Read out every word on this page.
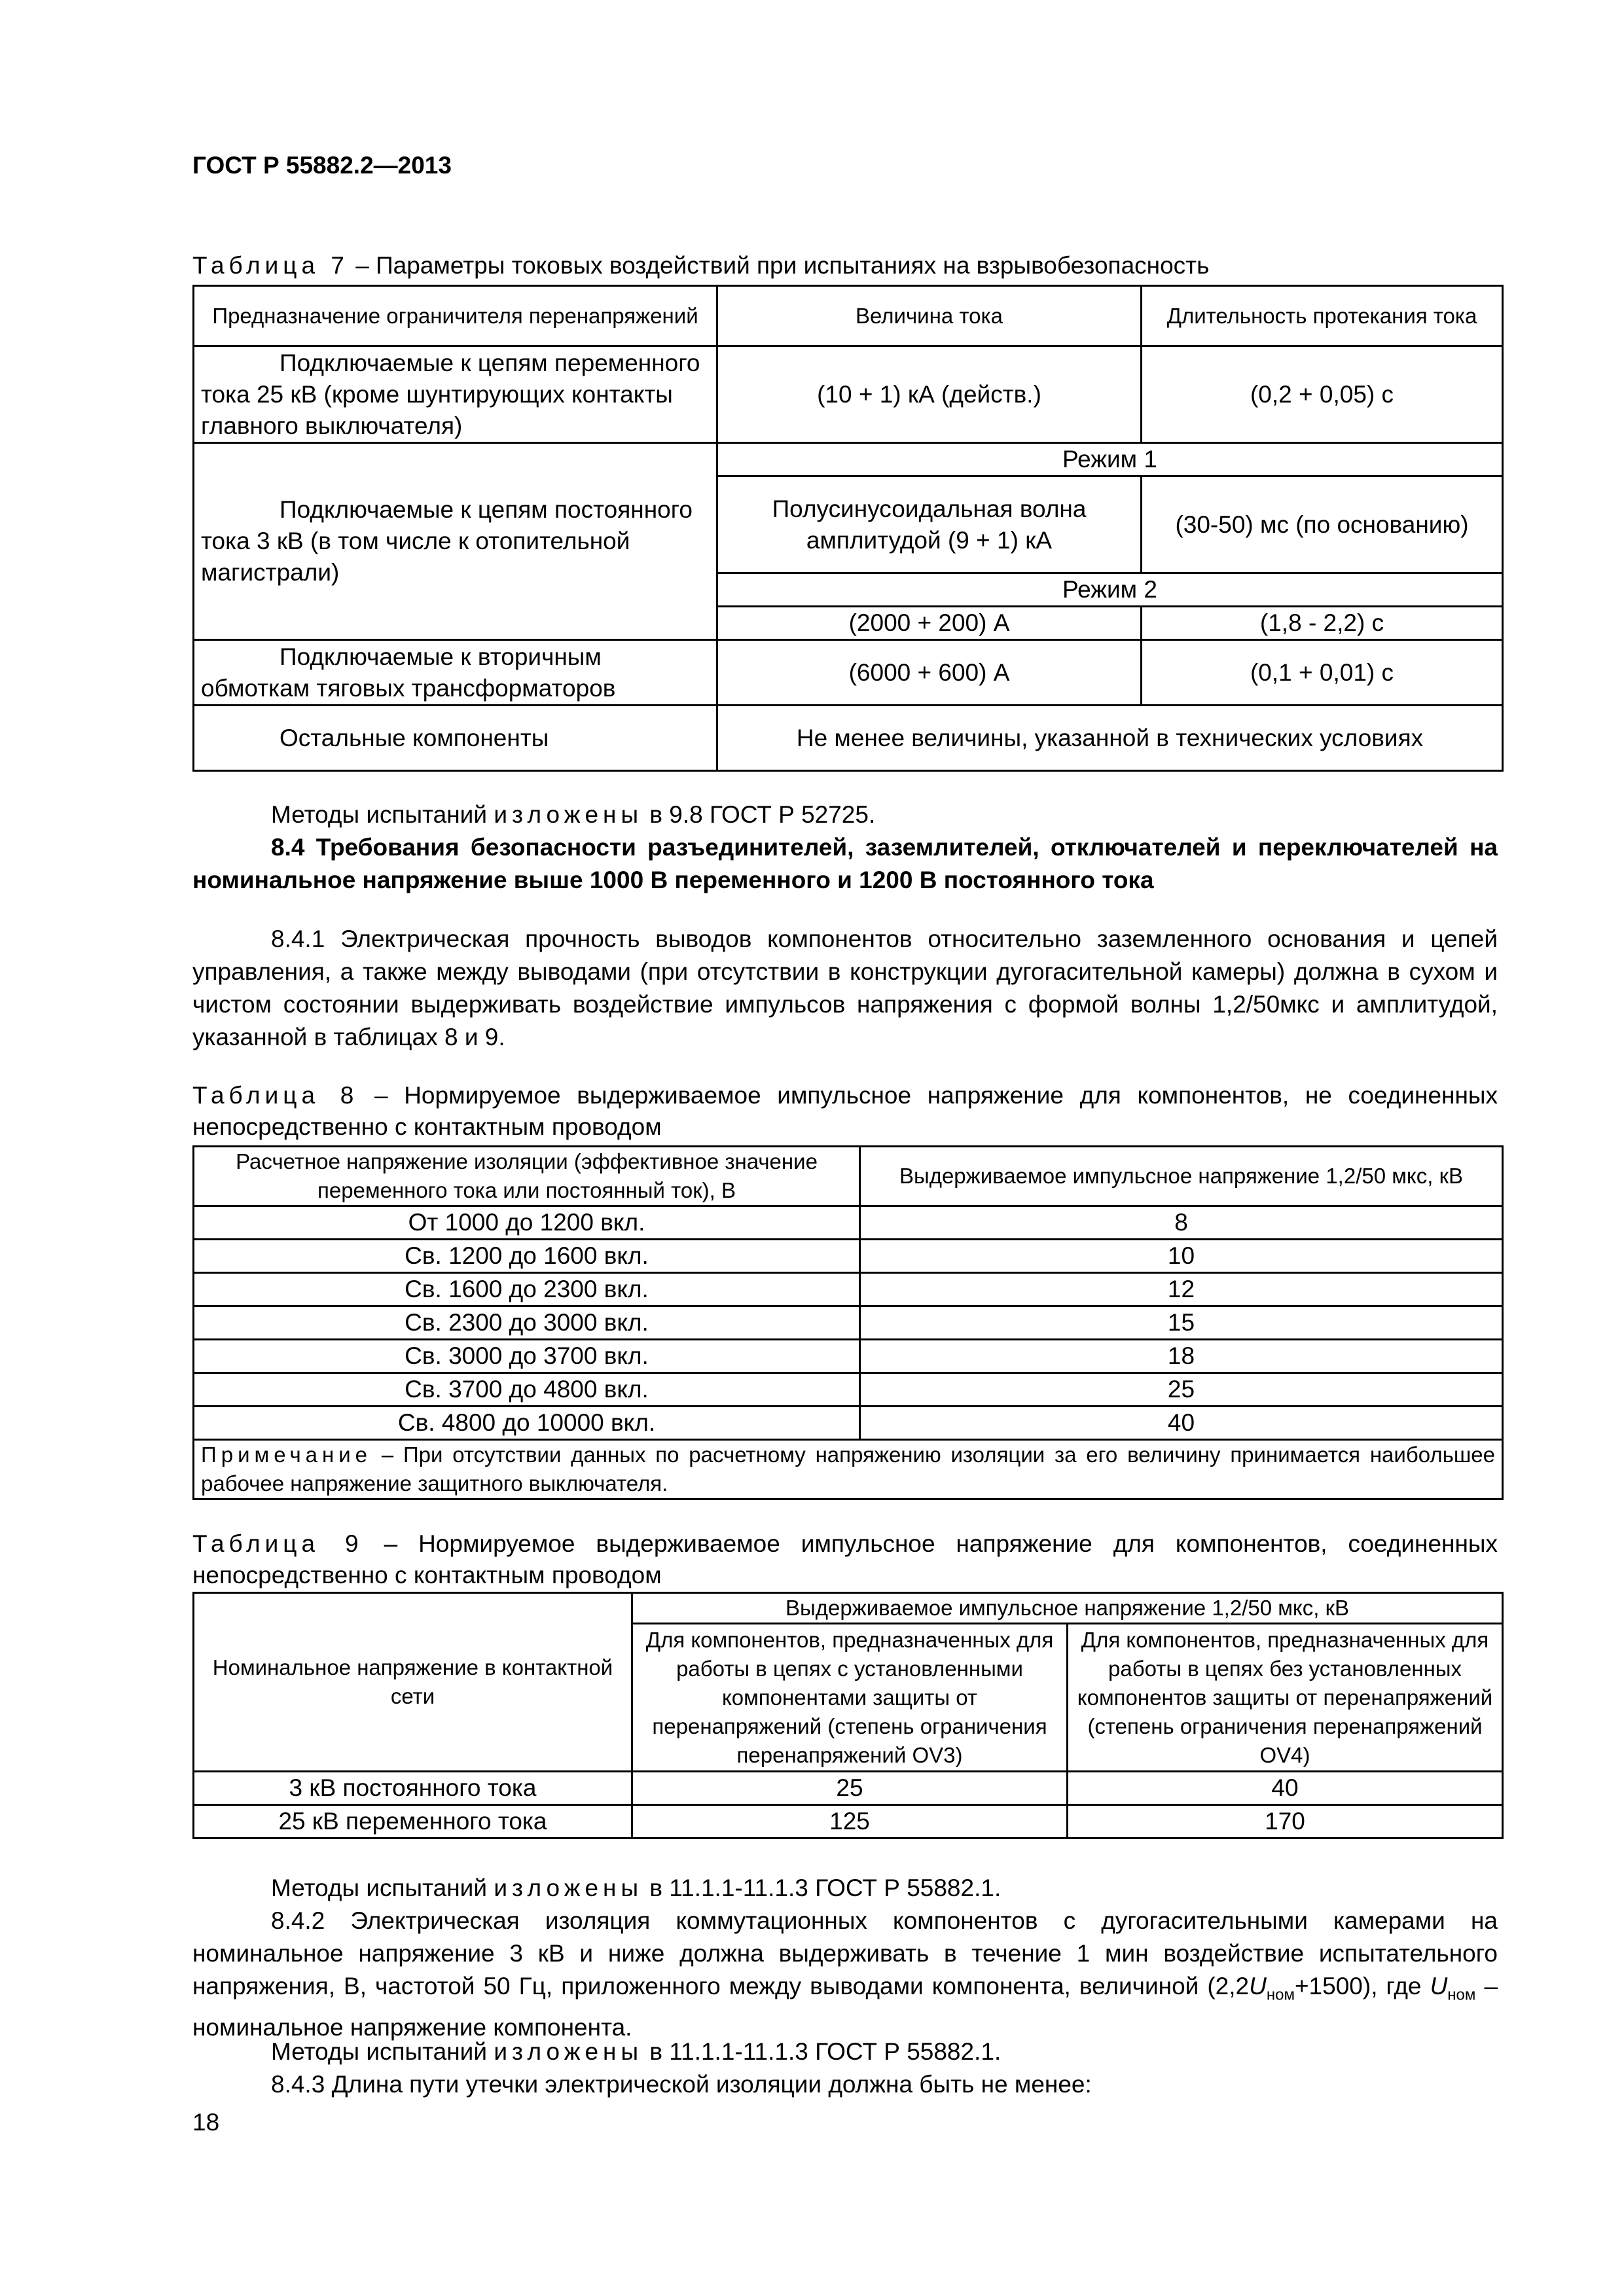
ГОСТ Р 55882.2—2013
Таблица 7 – Параметры токовых воздействий при испытаниях на взрывобезопасность
Предназначение ограничителя перенапряжений	Величина тока	Длительность протекания тока
Подключаемые к цепям переменного тока 25 кВ (кроме шунтирующих контакты главного выключателя)	(10 + 1) кА (действ.)	(0,2 + 0,05) с
Подключаемые к цепям постоянного тока 3 кВ (в том числе к отопительной магистрали)	Режим 1	
	Полусинусоидальная волна амплитудой (9 + 1) кА	(30-50) мс (по основанию)
	Режим 2	
	(2000 + 200) А	(1,8 - 2,2) с
Подключаемые к вторичным обмоткам тяговых трансформаторов	(6000 + 600) А	(0,1 + 0,01) с
Остальные компоненты	Не менее величины, указанной в технических условиях	
Методы испытаний изложены в 9.8 ГОСТ Р 52725.
8.4 Требования безопасности разъединителей, заземлителей, отключателей и переключателей на номинальное напряжение выше 1000 В переменного и 1200 В постоянного тока
8.4.1 Электрическая прочность выводов компонентов относительно заземленного основания и цепей управления, а также между выводами (при отсутствии в конструкции дугогасительной камеры) должна в сухом и чистом состоянии выдерживать воздействие импульсов напряжения с формой волны 1,2/50мкс и амплитудой, указанной в таблицах 8 и 9.
Таблица 8 – Нормируемое выдерживаемое импульсное напряжение для компонентов, не соединенных непосредственно с контактным проводом
Расчетное напряжение изоляции (эффективное значение переменного тока или постоянный ток), В	Выдерживаемое импульсное напряжение 1,2/50 мкс, кВ
От 1000 до 1200 вкл.	8
Св. 1200 до 1600 вкл.	10
Св. 1600 до 2300 вкл.	12
Св. 2300 до 3000 вкл.	15
Св. 3000 до 3700 вкл.	18
Св. 3700 до 4800 вкл.	25
Св. 4800 до 10000 вкл.	40
Примечание – При отсутствии данных по расчетному напряжению изоляции за его величину принимается наибольшее рабочее напряжение защитного выключателя.	
Таблица 9 – Нормируемое выдерживаемое импульсное напряжение для компонентов, соединенных непосредственно с контактным проводом
Номинальное напряжение в контактной сети	Выдерживаемое импульсное напряжение 1,2/50 мкс, кВ	
	Для компонентов, предназначенных для работы в цепях с установленными компонентами защиты от перенапряжений (степень ограничения перенапряжений OV3)	Для компонентов, предназначенных для работы в цепях без установленных компонентов защиты от перенапряжений (степень ограничения перенапряжений OV4)
3 кВ постоянного тока	25	40
25 кВ переменного тока	125	170
Методы испытаний изложены в 11.1.1-11.1.3 ГОСТ Р 55882.1.
8.4.2 Электрическая изоляция коммутационных компонентов с дугогасительными камерами на номинальное напряжение 3 кВ и ниже должна выдерживать в течение 1 мин воздействие испытательного напряжения, В, частотой 50 Гц, приложенного между выводами компонента, величиной $(2,2U_{ном}+1500)$, где $U_{ном}$ – номинальное напряжение компонента.
Методы испытаний изложены в 11.1.1-11.1.3 ГОСТ Р 55882.1.
8.4.3 Длина пути утечки электрической изоляции должна быть не менее:
18
